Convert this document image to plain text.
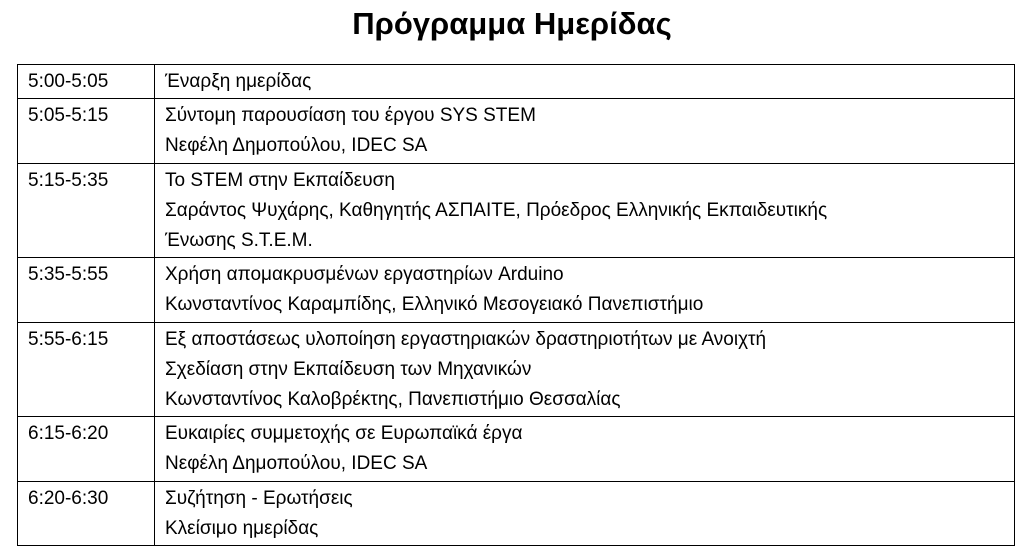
Πρόγραμμα Ημερίδας
5:00-5:05	Έναρξη ημερίδας

5:05-5:15	Σύντομη παρουσίαση του έργου SYS STEM
Νεφέλη Δημοπούλου, IDEC SA

5:15-5:35	Το STEM στην Εκπαίδευση
Σαράντος Ψυχάρης, Καθηγητής ΑΣΠΑΙΤΕ, Πρόεδρος Ελληνικής Εκπαιδευτικής
Ένωσης S.T.E.M.

5:35-5:55	Χρήση απομακρυσμένων εργαστηρίων Arduino
Κωνσταντίνος Καραμπίδης, Ελληνικό Μεσογειακό Πανεπιστήμιο

5:55-6:15	Εξ αποστάσεως υλοποίηση εργαστηριακών δραστηριοτήτων με Ανοιχτή
Σχεδίαση στην Εκπαίδευση των Μηχανικών
Κωνσταντίνος Καλοβρέκτης, Πανεπιστήμιο Θεσσαλίας

6:15-6:20	Ευκαιρίες συμμετοχής σε Ευρωπαϊκά έργα
Νεφέλη Δημοπούλου, IDEC SA

6:20-6:30	Συζήτηση - Ερωτήσεις
Κλείσιμο ημερίδας
